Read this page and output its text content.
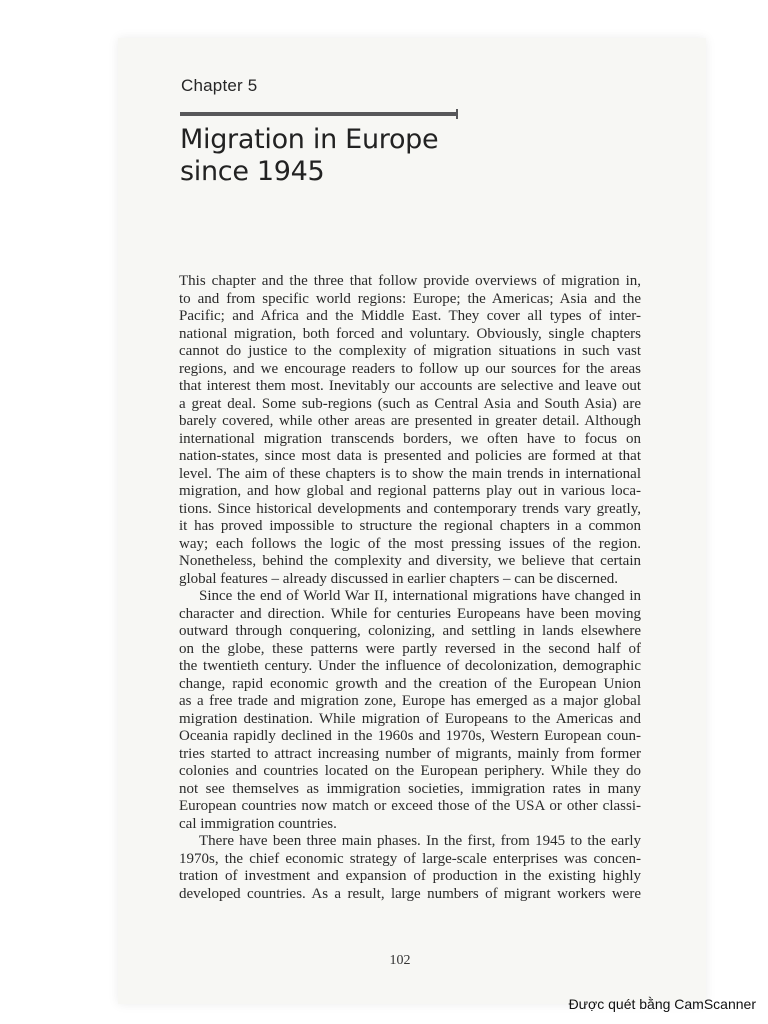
Chapter 5
Migration in Europe
since 1945
This chapter and the three that follow provide overviews of migration in,
to and from specific world regions: Europe; the Americas; Asia and the
Pacific; and Africa and the Middle East. They cover all types of inter-
national migration, both forced and voluntary. Obviously, single chapters
cannot do justice to the complexity of migration situations in such vast
regions, and we encourage readers to follow up our sources for the areas
that interest them most. Inevitably our accounts are selective and leave out
a great deal. Some sub-regions (such as Central Asia and South Asia) are
barely covered, while other areas are presented in greater detail. Although
international migration transcends borders, we often have to focus on
nation-states, since most data is presented and policies are formed at that
level. The aim of these chapters is to show the main trends in international
migration, and how global and regional patterns play out in various loca-
tions. Since historical developments and contemporary trends vary greatly,
it has proved impossible to structure the regional chapters in a common
way; each follows the logic of the most pressing issues of the region.
Nonetheless, behind the complexity and diversity, we believe that certain
global features – already discussed in earlier chapters – can be discerned.
Since the end of World War II, international migrations have changed in
character and direction. While for centuries Europeans have been moving
outward through conquering, colonizing, and settling in lands elsewhere
on the globe, these patterns were partly reversed in the second half of
the twentieth century. Under the influence of decolonization, demographic
change, rapid economic growth and the creation of the European Union
as a free trade and migration zone, Europe has emerged as a major global
migration destination. While migration of Europeans to the Americas and
Oceania rapidly declined in the 1960s and 1970s, Western European coun-
tries started to attract increasing number of migrants, mainly from former
colonies and countries located on the European periphery. While they do
not see themselves as immigration societies, immigration rates in many
European countries now match or exceed those of the USA or other classi-
cal immigration countries.
There have been three main phases. In the first, from 1945 to the early
1970s, the chief economic strategy of large-scale enterprises was concen-
tration of investment and expansion of production in the existing highly
developed countries. As a result, large numbers of migrant workers were
102
Được quét bằng CamScanner
